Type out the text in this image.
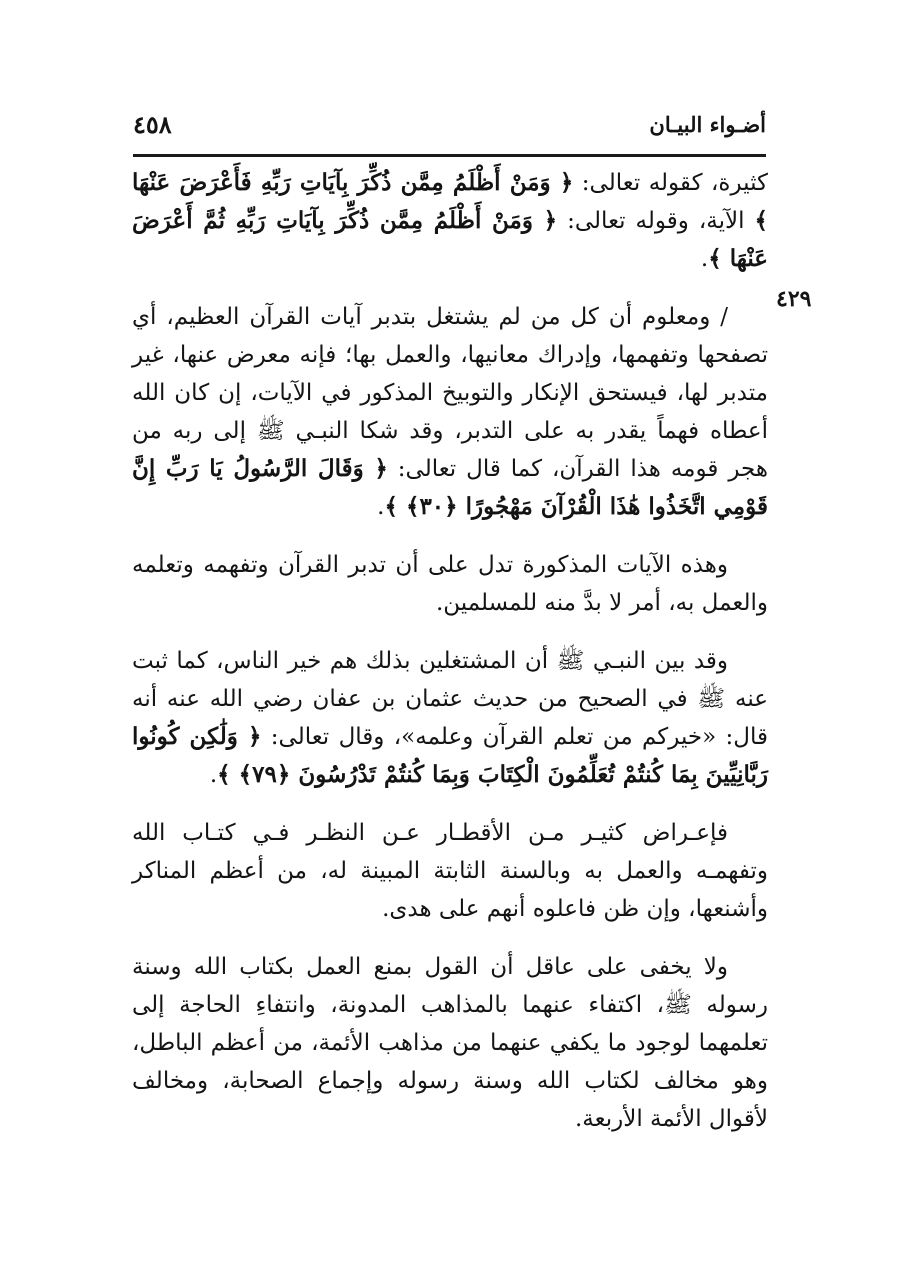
أضـواء البيـان
٤٥٨
٤٢٩

كثيرة، كقوله تعالى: ﴿ وَمَنْ أَظْلَمُ مِمَّن ذُكِّرَ بِآيَاتِ رَبِّهِ فَأَعْرَضَ عَنْهَا ﴾ الآية، وقوله تعالى: ﴿ وَمَنْ أَظْلَمُ مِمَّن ذُكِّرَ بِآيَاتِ رَبِّهِ ثُمَّ أَعْرَضَ عَنْهَا ﴾.

/ ومعلوم أن كل من لم يشتغل بتدبر آيات القرآن العظيم، أي تصفحها وتفهمها، وإدراك معانيها، والعمل بها؛ فإنه معرض عنها، غير متدبر لها، فيستحق الإنكار والتوبيخ المذكور في الآيات، إن كان الله أعطاه فهماً يقدر به على التدبر، وقد شكا النبـي ﷺ إلى ربه من هجر قومه هذا القرآن، كما قال تعالى: ﴿ وَقَالَ الرَّسُولُ يَا رَبِّ إِنَّ قَوْمِي اتَّخَذُوا هَٰذَا الْقُرْآنَ مَهْجُورًا ﴿٣٠﴾ ﴾.

وهذه الآيات المذكورة تدل على أن تدبر القرآن وتفهمه وتعلمه والعمل به، أمر لا بدَّ منه للمسلمين.

وقد بين النبـي ﷺ أن المشتغلين بذلك هم خير الناس، كما ثبت عنه ﷺ في الصحيح من حديث عثمان بن عفان رضي الله عنه أنه قال: «خيركم من تعلم القرآن وعلمه»، وقال تعالى: ﴿ وَلَٰكِن كُونُوا رَبَّانِيِّينَ بِمَا كُنتُمْ تُعَلِّمُونَ الْكِتَابَ وَبِمَا كُنتُمْ تَدْرُسُونَ ﴿٧٩﴾ ﴾.

فإعـراض كثيـر مـن الأقطـار عـن النظـر فـي كتـاب الله وتفهمـه والعمل به وبالسنة الثابتة المبينة له، من أعظم المناكر وأشنعها، وإن ظن فاعلوه أنهم على هدى.

ولا يخفى على عاقل أن القول بمنع العمل بكتاب الله وسنة رسوله ﷺ، اكتفاء عنهما بالمذاهب المدونة، وانتفاءِ الحاجة إلى تعلمهما لوجود ما يكفي عنهما من مذاهب الأئمة، من أعظم الباطل، وهو مخالف لكتاب الله وسنة رسوله وإجماع الصحابة، ومخالف لأقوال الأئمة الأربعة.
